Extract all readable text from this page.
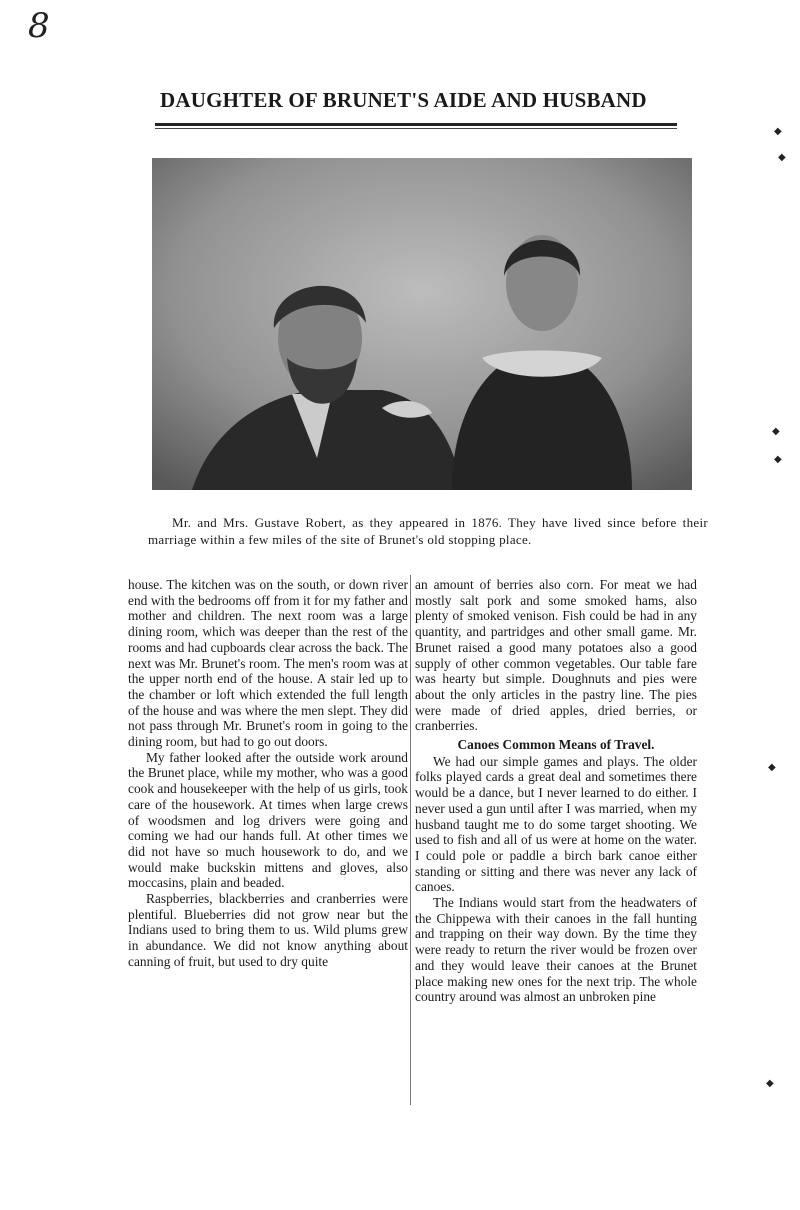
8
DAUGHTER OF BRUNET'S AIDE AND HUSBAND
Mr. and Mrs. Gustave Robert, as they appeared in 1876. They have lived since before their marriage within a few miles of the site of Brunet's old stopping place.

house. The kitchen was on the south, or down river end with the bedrooms off from it for my father and mother and children. The next room was a large dining room, which was deeper than the rest of the rooms and had cupboards clear across the back. The next was Mr. Brunet's room. The men's room was at the upper north end of the house. A stair led up to the chamber or loft which extended the full length of the house and was where the men slept. They did not pass through Mr. Brunet's room in going to the dining room, but had to go out doors.

My father looked after the outside work around the Brunet place, while my mother, who was a good cook and housekeeper with the help of us girls, took care of the housework. At times when large crews of woodsmen and log drivers were going and coming we had our hands full. At other times we did not have so much housework to do, and we would make buckskin mittens and gloves, also moccasins, plain and beaded.

Raspberries, blackberries and cranberries were plentiful. Blueberries did not grow near but the Indians used to bring them to us. Wild plums grew in abundance. We did not know anything about canning of fruit, but used to dry quite

an amount of berries also corn. For meat we had mostly salt pork and some smoked hams, also plenty of smoked venison. Fish could be had in any quantity, and partridges and other small game. Mr. Brunet raised a good many potatoes also a good supply of other common vegetables. Our table fare was hearty but simple. Doughnuts and pies were about the only articles in the pastry line. The pies were made of dried apples, dried berries, or cranberries.

Canoes Common Means of Travel.

We had our simple games and plays. The older folks played cards a great deal and sometimes there would be a dance, but I never learned to do either. I never used a gun until after I was married, when my husband taught me to do some target shooting. We used to fish and all of us were at home on the water. I could pole or paddle a birch bark canoe either standing or sitting and there was never any lack of canoes.

The Indians would start from the headwaters of the Chippewa with their canoes in the fall hunting and trapping on their way down. By the time they were ready to return the river would be frozen over and they would leave their canoes at the Brunet place making new ones for the next trip. The whole country around was almost an unbroken pine

◆
◆
◆
◆
◆
◆
